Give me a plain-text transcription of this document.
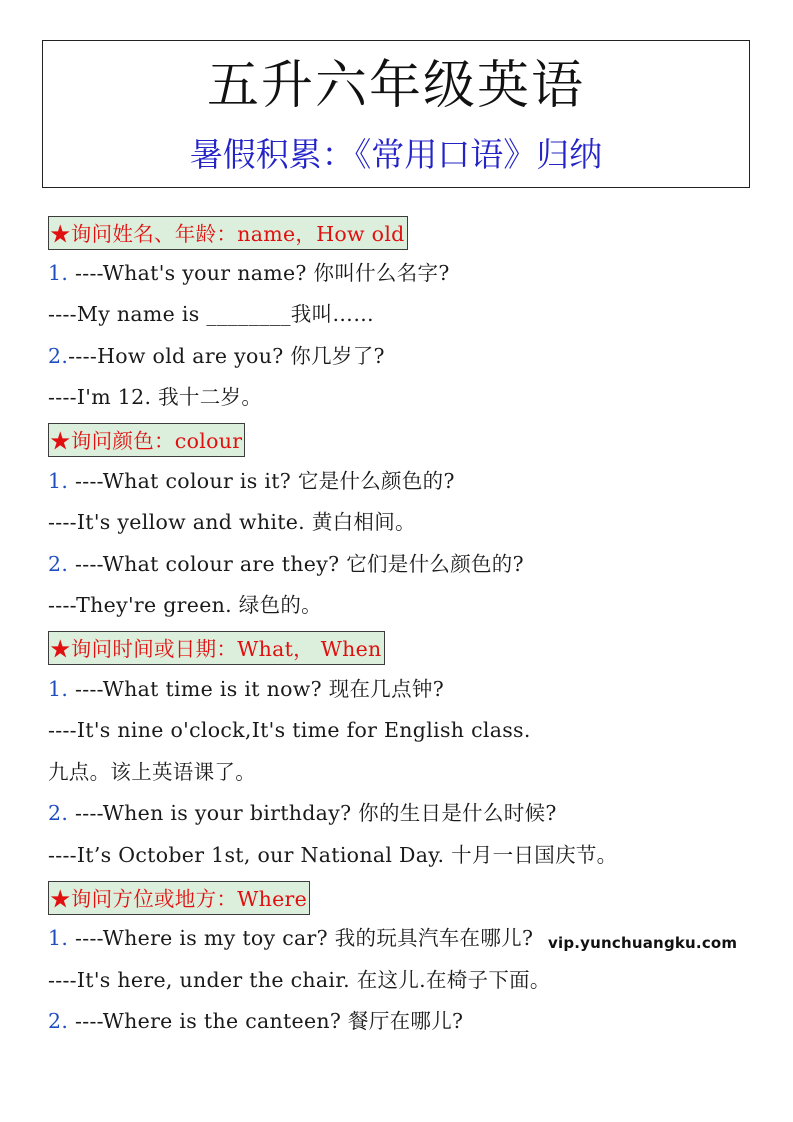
五升六年级英语
暑假积累：《常用口语》归纳
★询问姓名、年龄：name，How old
1. ----What's your name? 你叫什么名字?
----My name is ________我叫……
2.----How old are you? 你几岁了?
----I'm 12. 我十二岁。
★询问颜色：colour
1. ----What colour is it? 它是什么颜色的?
----It's yellow and white. 黄白相间。
2. ----What colour are they? 它们是什么颜色的?
----They're green. 绿色的。
★询问时间或日期：What， When
1. ----What time is it now? 现在几点钟?
----It's nine o'clock,It's time for English class.
九点。该上英语课了。
2. ----When is your birthday? 你的生日是什么时候?
----It’s October 1st, our National Day. 十月一日国庆节。
★询问方位或地方：Where
1. ----Where is my toy car? 我的玩具汽车在哪儿?
----It's here, under the chair. 在这儿.在椅子下面。
2. ----Where is the canteen? 餐厅在哪儿?
vip.yunchuangku.com
